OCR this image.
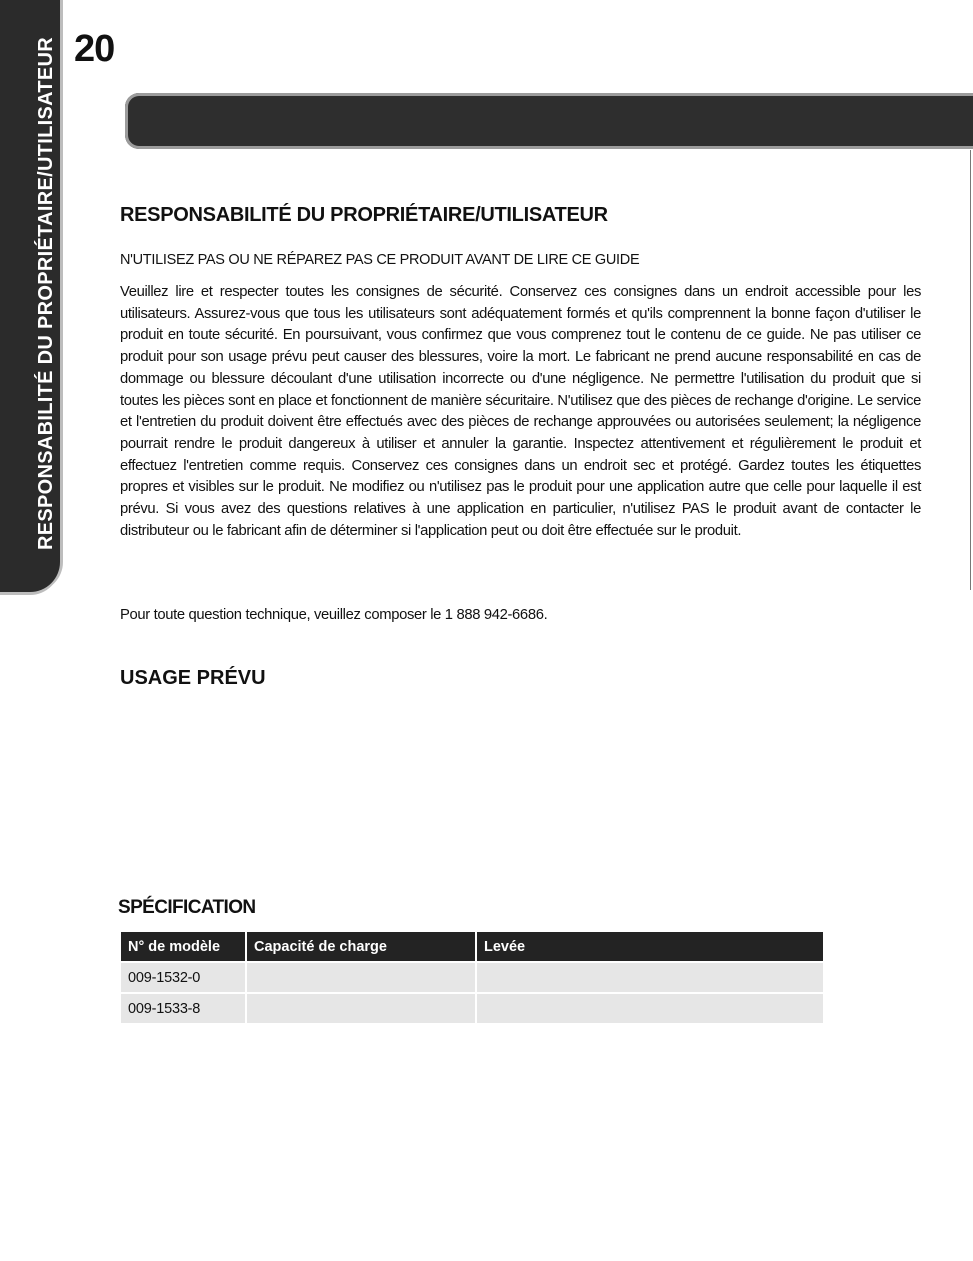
RESPONSABILITÉ DU PROPRIÉTAIRE/UTILISATEUR 20
RESPONSABILITÉ DU PROPRIÉTAIRE/UTILISATEUR
N'UTILISEZ PAS OU NE RÉPAREZ PAS CE PRODUIT AVANT DE LIRE CE GUIDE
Veuillez lire et respecter toutes les consignes de sécurité. Conservez ces consignes dans un endroit accessible pour les utilisateurs. Assurez-vous que tous les utilisateurs sont adéquatement formés et qu'ils comprennent la bonne façon d'utiliser le produit en toute sécurité. En poursuivant, vous confirmez que vous comprenez tout le contenu de ce guide. Ne pas utiliser ce produit pour son usage prévu peut causer des blessures, voire la mort. Le fabricant ne prend aucune responsabilité en cas de dommage ou blessure découlant d'une utilisation incorrecte ou d'une négligence. Ne permettre l'utilisation du produit que si toutes les pièces sont en place et fonctionnent de manière sécuritaire. N'utilisez que des pièces de rechange d'origine. Le service et l'entretien du produit doivent être effectués avec des pièces de rechange approuvées ou autorisées seulement; la négligence pourrait rendre le produit dangereux à utiliser et annuler la garantie. Inspectez attentivement et régulièrement le produit et effectuez l'entretien comme requis. Conservez ces consignes dans un endroit sec et protégé. Gardez toutes les étiquettes propres et visibles sur le produit. Ne modifiez ou n'utilisez pas le produit pour une application autre que celle pour laquelle il est prévu. Si vous avez des questions relatives à une application en particulier, n'utilisez PAS le produit avant de contacter le distributeur ou le fabricant afin de déterminer si l'application peut ou doit être effectuée sur le produit.
Pour toute question technique, veuillez composer le 1 888 942-6686.
USAGE PRÉVU
SPÉCIFICATION
N° de modèle	Capacité de charge	Levée
009-1532-0		
009-1533-8		
